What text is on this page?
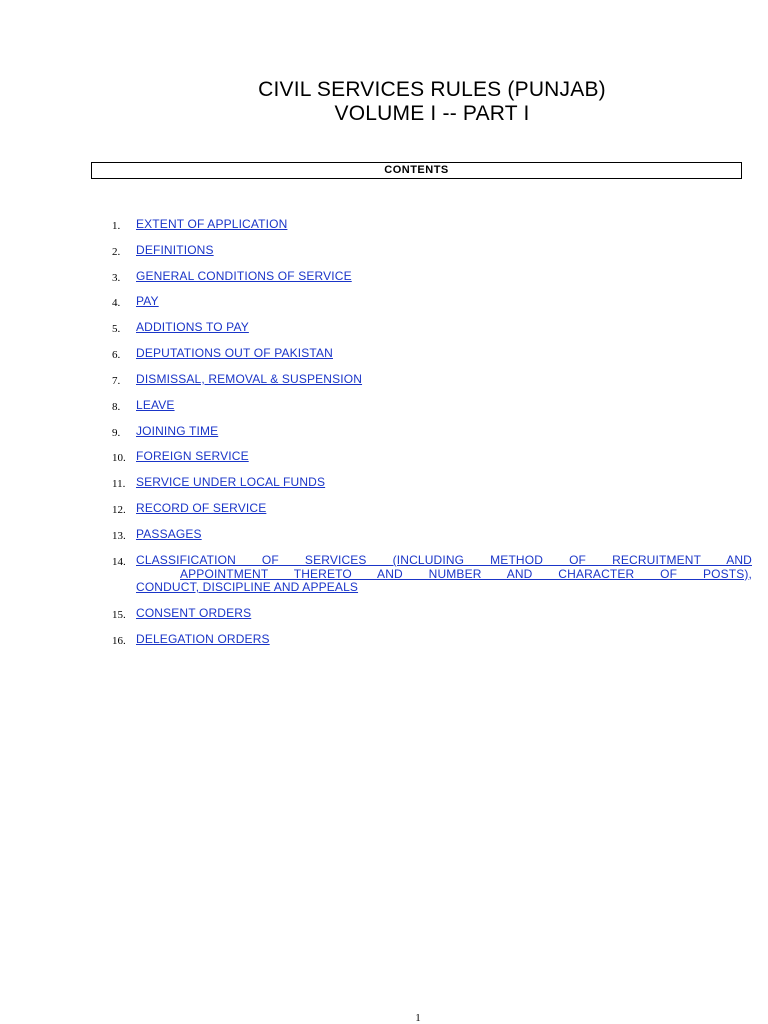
CIVIL SERVICES RULES (PUNJAB)
VOLUME I -- PART I
CONTENTS
1. EXTENT OF APPLICATION
2. DEFINITIONS
3. GENERAL CONDITIONS OF SERVICE
4. PAY
5. ADDITIONS TO PAY
6. DEPUTATIONS OUT OF PAKISTAN
7. DISMISSAL, REMOVAL & SUSPENSION
8. LEAVE
9. JOINING TIME
10. FOREIGN SERVICE
11. SERVICE UNDER LOCAL FUNDS
12. RECORD OF SERVICE
13. PASSAGES
14. CLASSIFICATION OF SERVICES (INCLUDING METHOD OF RECRUITMENT AND
APPOINTMENT THERETO AND NUMBER AND CHARACTER OF POSTS),
CONDUCT, DISCIPLINE AND APPEALS
15. CONSENT ORDERS
16. DELEGATION ORDERS
1
